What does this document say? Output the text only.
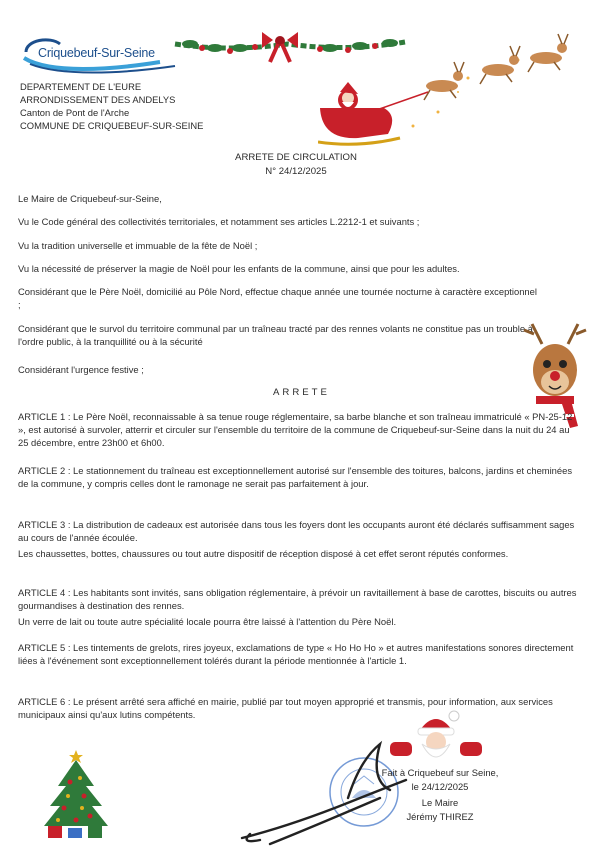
Criquebeuf-Sur-Seine
DEPARTEMENT DE L'EURE
ARRONDISSEMENT DES ANDELYS
Canton de Pont de l'Arche
COMMUNE DE CRIQUEBEUF-SUR-SEINE
ARRETE DE CIRCULATION
N° 24/12/2025
Le Maire de Criquebeuf-sur-Seine,
Vu le Code général des collectivités territoriales, et notamment ses articles L.2212-1 et suivants ;
Vu la tradition universelle et immuable de la fête de Noël ;
Vu la nécessité de préserver la magie de Noël pour les enfants de la commune, ainsi que pour les adultes.
Considérant que le Père Noël, domicilié au Pôle Nord, effectue chaque année une tournée nocturne à caractère exceptionnel ;
Considérant que le survol du territoire communal par un traîneau tracté par des rennes volants ne constitue pas un trouble à l'ordre public, à la tranquillité ou à la sécurité
Considérant l'urgence festive ;
ARRETE
ARTICLE 1 : Le Père Noël, reconnaissable à sa tenue rouge réglementaire, sa barbe blanche et son traîneau immatriculé « PN-25-12 », est autorisé à survoler, atterrir et circuler sur l'ensemble du territoire de la commune de Criquebeuf-sur-Seine dans la nuit du 24 au 25 décembre, entre 23h00 et 6h00.
ARTICLE 2 : Le stationnement du traîneau est exceptionnellement autorisé sur l'ensemble des toitures, balcons, jardins et cheminées de la commune, y compris celles dont le ramonage ne serait pas parfaitement à jour.
ARTICLE 3 : La distribution de cadeaux est autorisée dans tous les foyers dont les occupants auront été déclarés suffisamment sages au cours de l'année écoulée.
Les chaussettes, bottes, chaussures ou tout autre dispositif de réception disposé à cet effet seront réputés conformes.
ARTICLE 4 : Les habitants sont invités, sans obligation réglementaire, à prévoir un ravitaillement à base de carottes, biscuits ou autres gourmandises à destination des rennes.
Un verre de lait ou toute autre spécialité locale pourra être laissé à l'attention du Père Noël.
ARTICLE 5 : Les tintements de grelots, rires joyeux, exclamations de type « Ho Ho Ho » et autres manifestations sonores directement liées à l'événement sont exceptionnellement tolérés durant la période mentionnée à l'article 1.
ARTICLE 6 : Le présent arrêté sera affiché en mairie, publié par tout moyen approprié et transmis, pour information, aux services municipaux ainsi qu'aux lutins compétents.
Fait à Criquebeuf sur Seine,
le 24/12/2025
Le Maire
Jérémy THIREZ
